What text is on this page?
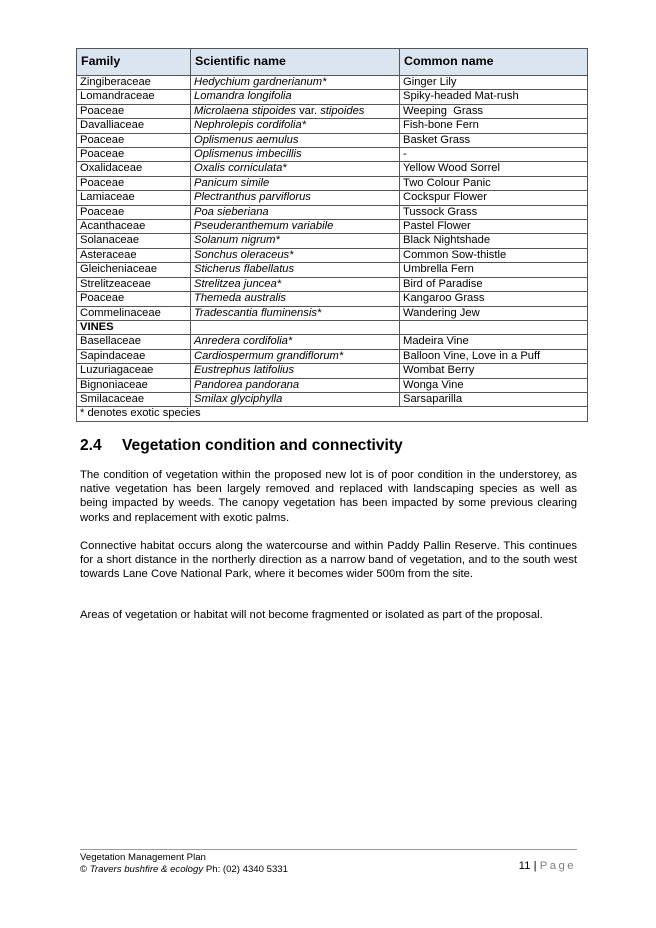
Family	Scientific name	Common name
Zingiberaceae	Hedychium gardnerianum*	Ginger Lily
Lomandraceae	Lomandra longifolia	Spiky-headed Mat-rush
Poaceae	Microlaena stipoides var. stipoides	Weeping  Grass
Davalliaceae	Nephrolepis cordifolia*	Fish-bone Fern
Poaceae	Oplismenus aemulus	Basket Grass
Poaceae	Oplismenus imbecillis	-
Oxalidaceae	Oxalis corniculata*	Yellow Wood Sorrel
Poaceae	Panicum simile	Two Colour Panic
Lamiaceae	Plectranthus parviflorus	Cockspur Flower
Poaceae	Poa sieberiana	Tussock Grass
Acanthaceae	Pseuderanthemum variabile	Pastel Flower
Solanaceae	Solanum nigrum*	Black Nightshade
Asteraceae	Sonchus oleraceus*	Common Sow-thistle
Gleicheniaceae	Sticherus flabellatus	Umbrella Fern
Strelitzeaceae	Strelitzea juncea*	Bird of Paradise
Poaceae	Themeda australis	Kangaroo Grass
Commelinaceae	Tradescantia fluminensis*	Wandering Jew
VINES		
Basellaceae	Anredera cordifolia*	Madeira Vine
Sapindaceae	Cardiospermum grandiflorum*	Balloon Vine, Love in a Puff
Luzuriagaceae	Eustrephus latifolius	Wombat Berry
Bignoniaceae	Pandorea pandorana	Wonga Vine
Smilacaceae	Smilax glyciphylla	Sarsaparilla
* denotes exotic species		
2.4 Vegetation condition and connectivity

The condition of vegetation within the proposed new lot is of poor condition in the understorey, as native vegetation has been largely removed and replaced with landscaping species as well as being impacted by weeds. The canopy vegetation has been impacted by some previous clearing works and replacement with exotic palms.

Connective habitat occurs along the watercourse and within Paddy Pallin Reserve. This continues for a short distance in the northerly direction as a narrow band of vegetation, and to the south west towards Lane Cove National Park, where it becomes wider 500m from the site.

Areas of vegetation or habitat will not become fragmented or isolated as part of the proposal.

Vegetation Management Plan
© Travers bushfire & ecology Ph: (02) 4340 5331	11 | Page
